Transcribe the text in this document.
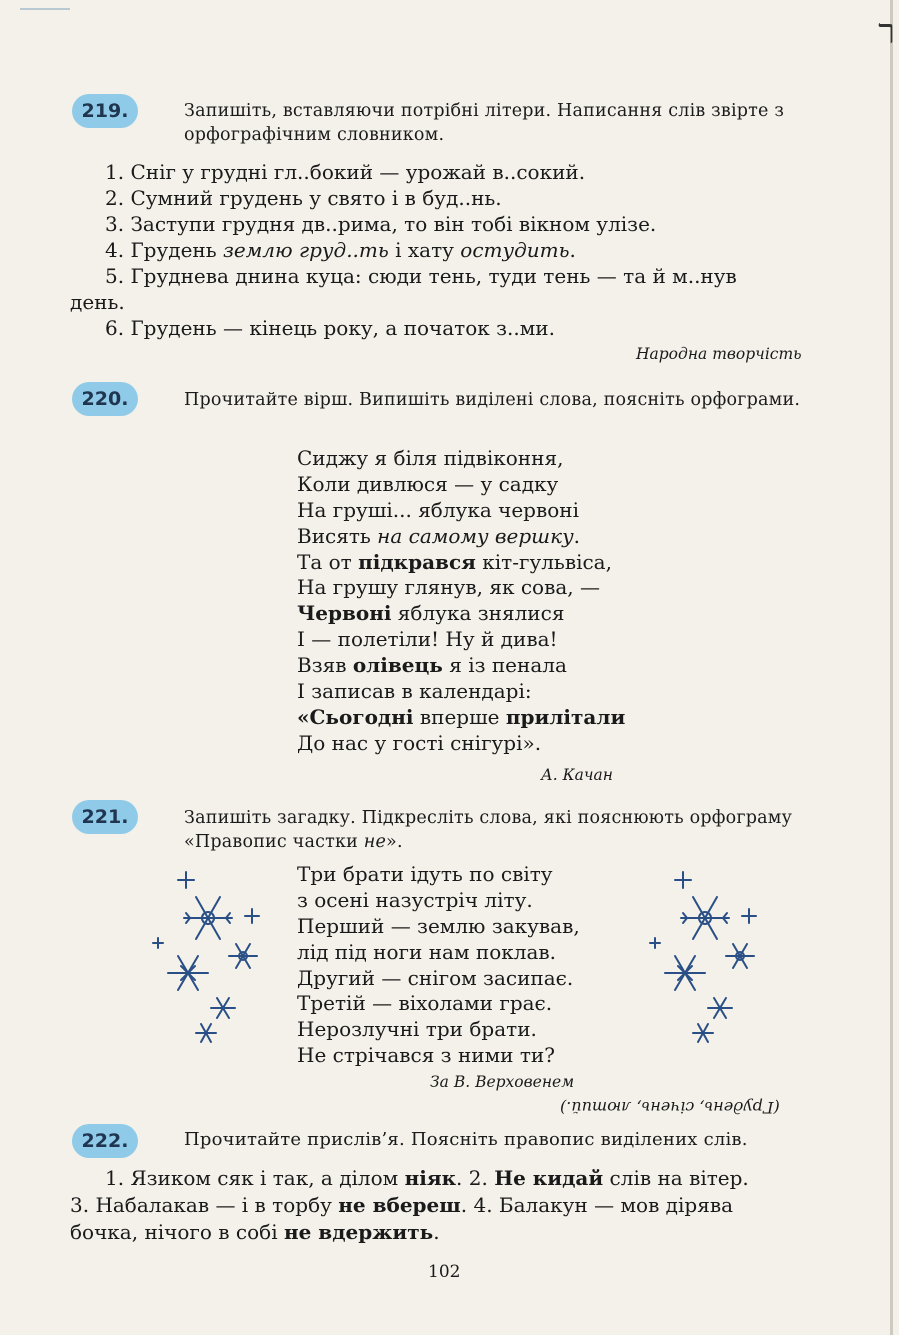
ר
219.	Запишіть, вставляючи потрібні літери. Написання слів звірте з орфографічним словником.
1. Сніг у грудні гл..бокий — урожай в..сокий.
2. Сумний грудень у свято і в буд..нь.
3. Заступи грудня дв..рима, то він тобі вікном улізе.
4. Грудень землю груд..ть і хату остудить.
5. Груднева днина куца: сюди тень, туди тень — та й м..нув
день.
6. Грудень — кінець року, а початок з..ми.
Народна творчість
220.	Прочитайте вірш. Випишіть виділені слова, поясніть орфограми.
Сиджу я біля підвіконня,
Коли дивлюся — у садку
На груші... яблука червоні
Висять на самому вершку.
Та от підкрався кіт-гульвіса,
На грушу глянув, як сова, —
Червоні яблука знялися
І — полетіли! Ну й дива!
Взяв олівець я із пенала
І записав в календарі:
«Сьогодні вперше прилітали
До нас у гості снігурі».
А. Качан
221.	Запишіть загадку. Підкресліть слова, які пояснюють орфограму «Правопис частки не».
Три брати ідуть по світу
з осені назустріч літу.
Перший — землю закував,
лід під ноги нам поклав.
Другий — снігом засипає.
Третій — віхолами грає.
Нерозлучні три брати.
Не стрічався з ними ти?
За В. Верховенем
(Грудень, січень, лютий.)
222.	Прочитайте прислів’я. Поясніть правопис виділених слів.
1. Язиком сяк і так, а ділом ніяк. 2. Не кидай слів на вітер.
3. Набалакав — і в торбу не вбереш. 4. Балакун — мов дірява
бочка, нічого в собі не вдержить.
102
